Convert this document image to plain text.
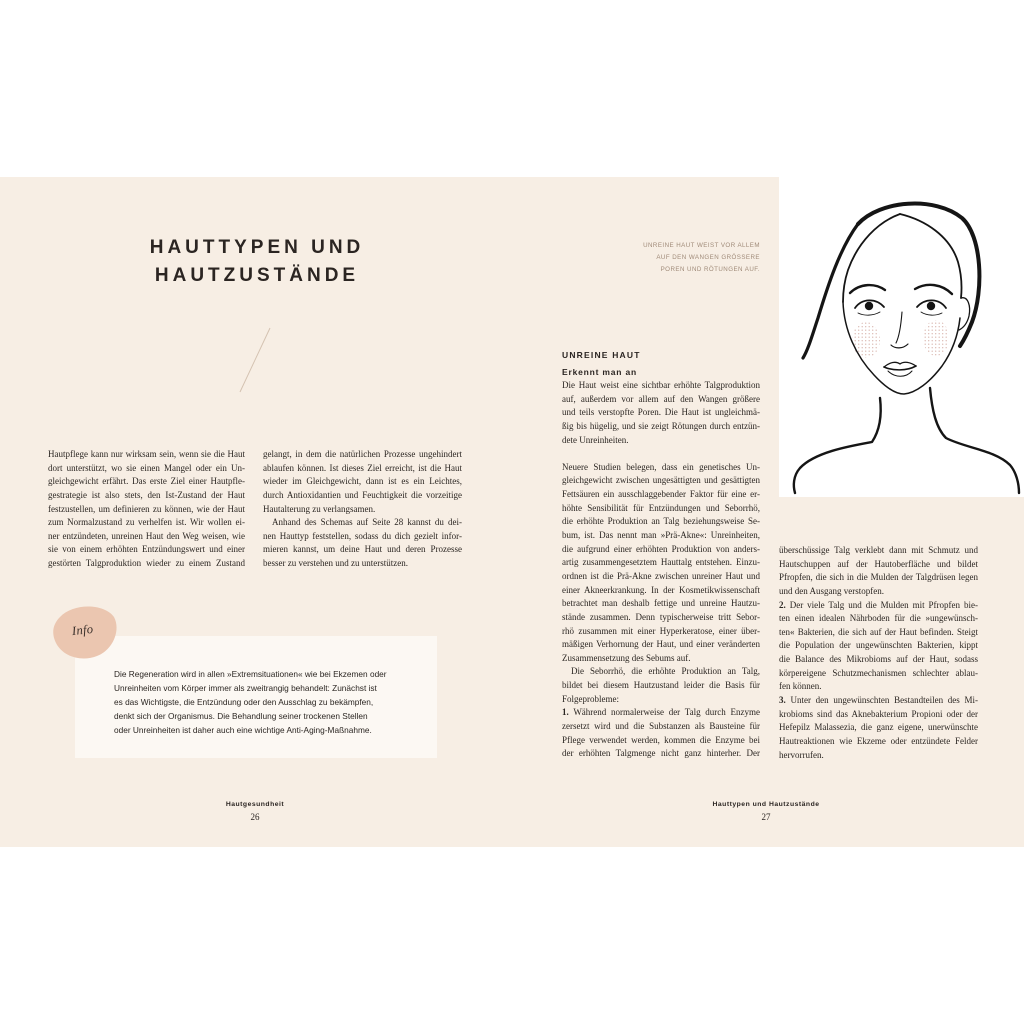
HAUTTYPEN UND
HAUTZUSTÄNDE
Hautpflege kann nur wirksam sein, wenn sie die Haut
dort unterstützt, wo sie einen Mangel oder ein Un-
gleichgewicht erfährt. Das erste Ziel einer Hautpfle-
gestrategie ist also stets, den Ist-Zustand der Haut
festzustellen, um definieren zu können, wie der Haut
zum Normalzustand zu verhelfen ist. Wir wollen ei-
ner entzündeten, unreinen Haut den Weg weisen, wie
sie von einem erhöhten Entzündungswert und einer
gestörten Talgproduktion wieder zu einem Zustand
gelangt, in dem die natürlichen Prozesse ungehindert
ablaufen können. Ist dieses Ziel erreicht, ist die Haut
wieder im Gleichgewicht, dann ist es ein Leichtes,
durch Antioxidantien und Feuchtigkeit die vorzeitige
Hautalterung zu verlangsamen.
Anhand des Schemas auf Seite 28 kannst du dei-
nen Hauttyp feststellen, sodass du dich gezielt infor-
mieren kannst, um deine Haut und deren Prozesse
besser zu verstehen und zu unterstützen.
Die Regeneration wird in allen »Extremsituationen« wie bei Ekzemen oder
Unreinheiten vom Körper immer als zweitrangig behandelt: Zunächst ist
es das Wichtigste, die Entzündung oder den Ausschlag zu bekämpfen,
denkt sich der Organismus. Die Behandlung seiner trockenen Stellen
oder Unreinheiten ist daher auch eine wichtige Anti-Aging-Maßnahme.
Info
Hautgesundheit
26
UNREINE HAUT WEIST VOR ALLEM
AUF DEN WANGEN GRÖSSERE
POREN UND RÖTUNGEN AUF.
UNREINE HAUT
Erkennt man an
Die Haut weist eine sichtbar erhöhte Talgproduktion
auf, außerdem vor allem auf den Wangen größere
und teils verstopfte Poren. Die Haut ist ungleichmä-
ßig bis hügelig, und sie zeigt Rötungen durch entzün-
dete Unreinheiten.
Neuere Studien belegen, dass ein genetisches Un-
gleichgewicht zwischen ungesättigten und gesättigten
Fettsäuren ein ausschlaggebender Faktor für eine er-
höhte Sensibilität für Entzündungen und Seborrhö,
die erhöhte Produktion an Talg beziehungsweise Se-
bum, ist. Das nennt man »Prä-Akne«: Unreinheiten,
die aufgrund einer erhöhten Produktion von anders-
artig zusammengesetztem Hauttalg entstehen. Einzu-
ordnen ist die Prä-Akne zwischen unreiner Haut und
einer Akneerkrankung. In der Kosmetikwissenschaft
betrachtet man deshalb fettige und unreine Hautzu-
stände zusammen. Denn typischerweise tritt Sebor-
rhö zusammen mit einer Hyperkeratose, einer über-
mäßigen Verhornung der Haut, und einer veränderten
Zusammensetzung des Sebums auf.
Die Seborrhö, die erhöhte Produktion an Talg,
bildet bei diesem Hautzustand leider die Basis für
Folgeprobleme:
1. Während normalerweise der Talg durch Enzyme
zersetzt wird und die Substanzen als Bausteine für
Pflege verwendet werden, kommen die Enzyme bei
der erhöhten Talgmenge nicht ganz hinterher. Der
überschüssige Talg verklebt dann mit Schmutz und
Hautschuppen auf der Hautoberfläche und bildet
Pfropfen, die sich in die Mulden der Talgdrüsen legen
und den Ausgang verstopfen.
2. Der viele Talg und die Mulden mit Pfropfen bie-
ten einen idealen Nährboden für die »ungewünsch-
ten« Bakterien, die sich auf der Haut befinden. Steigt
die Population der ungewünschten Bakterien, kippt
die Balance des Mikrobioms auf der Haut, sodass
körpereigene Schutzmechanismen schlechter ablau-
fen können.
3. Unter den ungewünschten Bestandteilen des Mi-
krobioms sind das Aknebakterium Propioni oder der
Hefepilz Malassezia, die ganz eigene, unerwünschte
Hautreaktionen wie Ekzeme oder entzündete Felder
hervorrufen.
Hauttypen und Hautzustände
27
